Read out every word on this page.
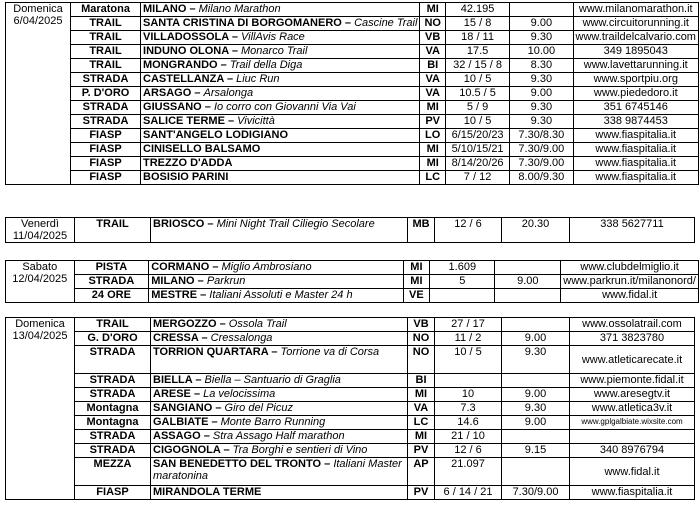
Domenica
6/04/2025	Maratona	MILANO – Milano Marathon	MI	42.195		www.milanomarathon.it
	TRAIL	SANTA CRISTINA DI BORGOMANERO – Cascine Trail	NO	15 / 8	9.00	www.circuitorunning.it
	TRAIL	VILLADOSSOLA – VillAvis Race	VB	18 / 11	9.30	www.traildelcalvario.com
	TRAIL	INDUNO OLONA – Monarco Trail	VA	17.5	10.00	349 1895043
	TRAIL	MONGRANDO – Trail della Diga	BI	32 / 15 / 8	8.30	www.lavettarunning.it
	STRADA	CASTELLANZA – Liuc Run	VA	10 / 5	9.30	www.sportpiu.org
	P. D'ORO	ARSAGO – Arsalonga	VA	10.5 / 5	9.00	www.piededoro.it
	STRADA	GIUSSANO – Io corro con Giovanni Via Vai	MI	5 / 9	9.30	351 6745146
	STRADA	SALICE TERME – Vivicittà	PV	10 / 5	9.30	338 9874453
	FIASP	SANT'ANGELO LODIGIANO	LO	6/15/20/23	7.30/8.30	www.fiaspitalia.it
	FIASP	CINISELLO BALSAMO	MI	5/10/15/21	7.30/9.00	www.fiaspitalia.it
	FIASP	TREZZO D'ADDA	MI	8/14/20/26	7.30/9.00	www.fiaspitalia.it
	FIASP	BOSISIO PARINI	LC	7 / 12	8.00/9.30	www.fiaspitalia.it
Venerdì
11/04/2025
	TRAIL	BRIOSCO – Mini Night Trail Ciliegio Secolare	MB	12 / 6	20.30	338 5627711
Sabato
12/04/2025	PISTA	CORMANO – Miglio Ambrosiano	MI	1.609		www.clubdelmiglio.it
	STRADA	MILANO – Parkrun	MI	5	9.00	www.parkrun.it/milanonord/
	24 ORE	MESTRE – Italiani Assoluti e Master 24 h	VE			www.fidal.it
Domenica
13/04/2025	TRAIL	MERGOZZO – Ossola Trail	VB	27 / 17		www.ossolatrail.com
	G. D'ORO	CRESSA – Cressalonga	NO	11 / 2	9.00	371 3823780
	STRADA	TORRION QUARTARA – Torrione va di Corsa	NO	10 / 5	9.30	www.atleticarecate.it
	STRADA	BIELLA – Biella – Santuario di Graglia	BI			www.piemonte.fidal.it
	STRADA	ARESE – La velocissima	MI	10	9.00	www.aresegtv.it
	Montagna	SANGIANO – Giro del Picuz	VA	7.3	9.30	www.atletica3v.it
	Montagna	GALBIATE – Monte Barro Running	LC	14.6	9.00	www.gplgalbiate.wixsite.com
	STRADA	ASSAGO – Stra Assago Half marathon	MI	21 / 10		
	STRADA	CIGOGNOLA – Tra Borghi e sentieri di Vino	PV	12 / 6	9.15	340 8976794
	MEZZA	SAN BENEDETTO DEL TRONTO – Italiani Master maratonina	AP	21.097		www.fidal.it
	FIASP	MIRANDOLA TERME	PV	6 / 14 / 21	7.30/9.00	www.fiaspitalia.it
